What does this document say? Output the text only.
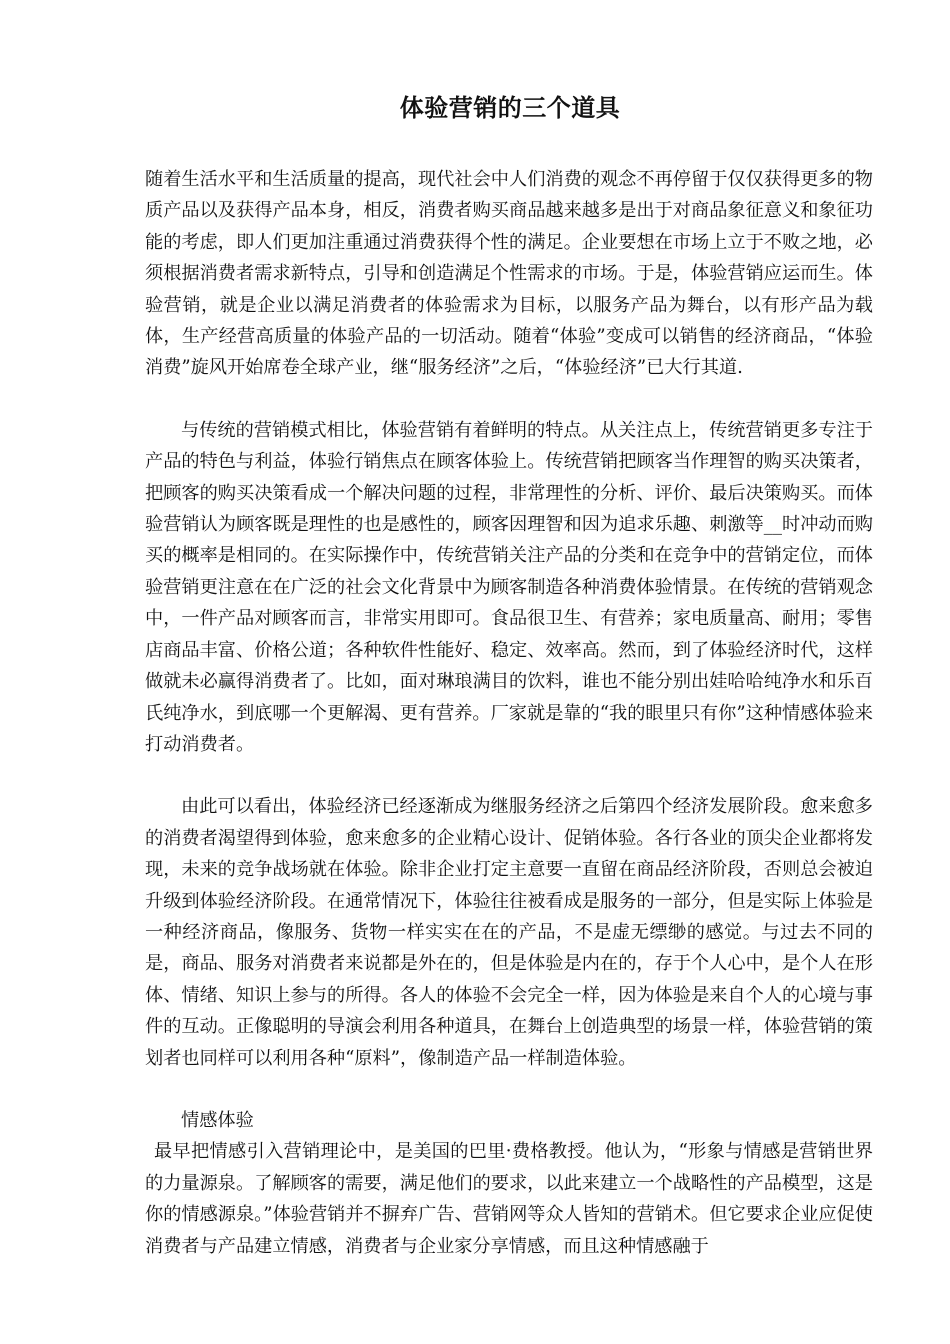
体验营销的三个道具

随着生活水平和生活质量的提高，现代社会中人们消费的观念不再停留于仅仅获得更多的物质产品以及获得产品本身，相反，消费者购买商品越来越多是出于对商品象征意义和象征功能的考虑，即人们更加注重通过消费获得个性的满足。企业要想在市场上立于不败之地，必须根据消费者需求新特点，引导和创造满足个性需求的市场。于是，体验营销应运而生。体验营销，就是企业以满足消费者的体验需求为目标，以服务产品为舞台，以有形产品为载体，生产经营高质量的体验产品的一切活动。随着“体验”变成可以销售的经济商品，“体验消费”旋风开始席卷全球产业，继“服务经济”之后，“体验经济”已大行其道.

与传统的营销模式相比，体验营销有着鲜明的特点。从关注点上，传统营销更多专注于产品的特色与利益，体验行销焦点在顾客体验上。传统营销把顾客当作理智的购买决策者，把顾客的购买决策看成一个解决问题的过程，非常理性的分析、评价、最后决策购买。而体验营销认为顾客既是理性的也是感性的，顾客因理智和因为追求乐趣、刺激等__时冲动而购买的概率是相同的。在实际操作中，传统营销关注产品的分类和在竞争中的营销定位，而体验营销更注意在在广泛的社会文化背景中为顾客制造各种消费体验情景。在传统的营销观念中，一件产品对顾客而言，非常实用即可。食品很卫生、有营养；家电质量高、耐用；零售店商品丰富、价格公道；各种软件性能好、稳定、效率高。然而，到了体验经济时代，这样做就未必赢得消费者了。比如，面对琳琅满目的饮料，谁也不能分别出娃哈哈纯净水和乐百氏纯净水，到底哪一个更解渴、更有营养。厂家就是靠的“我的眼里只有你”这种情感体验来打动消费者。

由此可以看出，体验经济已经逐渐成为继服务经济之后第四个经济发展阶段。愈来愈多的消费者渴望得到体验，愈来愈多的企业精心设计、促销体验。各行各业的顶尖企业都将发现，未来的竞争战场就在体验。除非企业打定主意要一直留在商品经济阶段，否则总会被迫升级到体验经济阶段。在通常情况下，体验往往被看成是服务的一部分，但是实际上体验是一种经济商品，像服务、货物一样实实在在的产品，不是虚无缥缈的感觉。与过去不同的是，商品、服务对消费者来说都是外在的，但是体验是内在的，存于个人心中，是个人在形体、情绪、知识上参与的所得。各人的体验不会完全一样，因为体验是来自个人的心境与事件的互动。正像聪明的导演会利用各种道具，在舞台上创造典型的场景一样，体验营销的策划者也同样可以利用各种“原料”，像制造产品一样制造体验。

情感体验

最早把情感引入营销理论中，是美国的巴里·费格教授。他认为，“形象与情感是营销世界的力量源泉。了解顾客的需要，满足他们的要求，以此来建立一个战略性的产品模型，这是你的情感源泉。”体验营销并不摒弃广告、营销网等众人皆知的营销术。但它要求企业应促使消费者与产品建立情感，消费者与企业家分享情感，而且这种情感融于
